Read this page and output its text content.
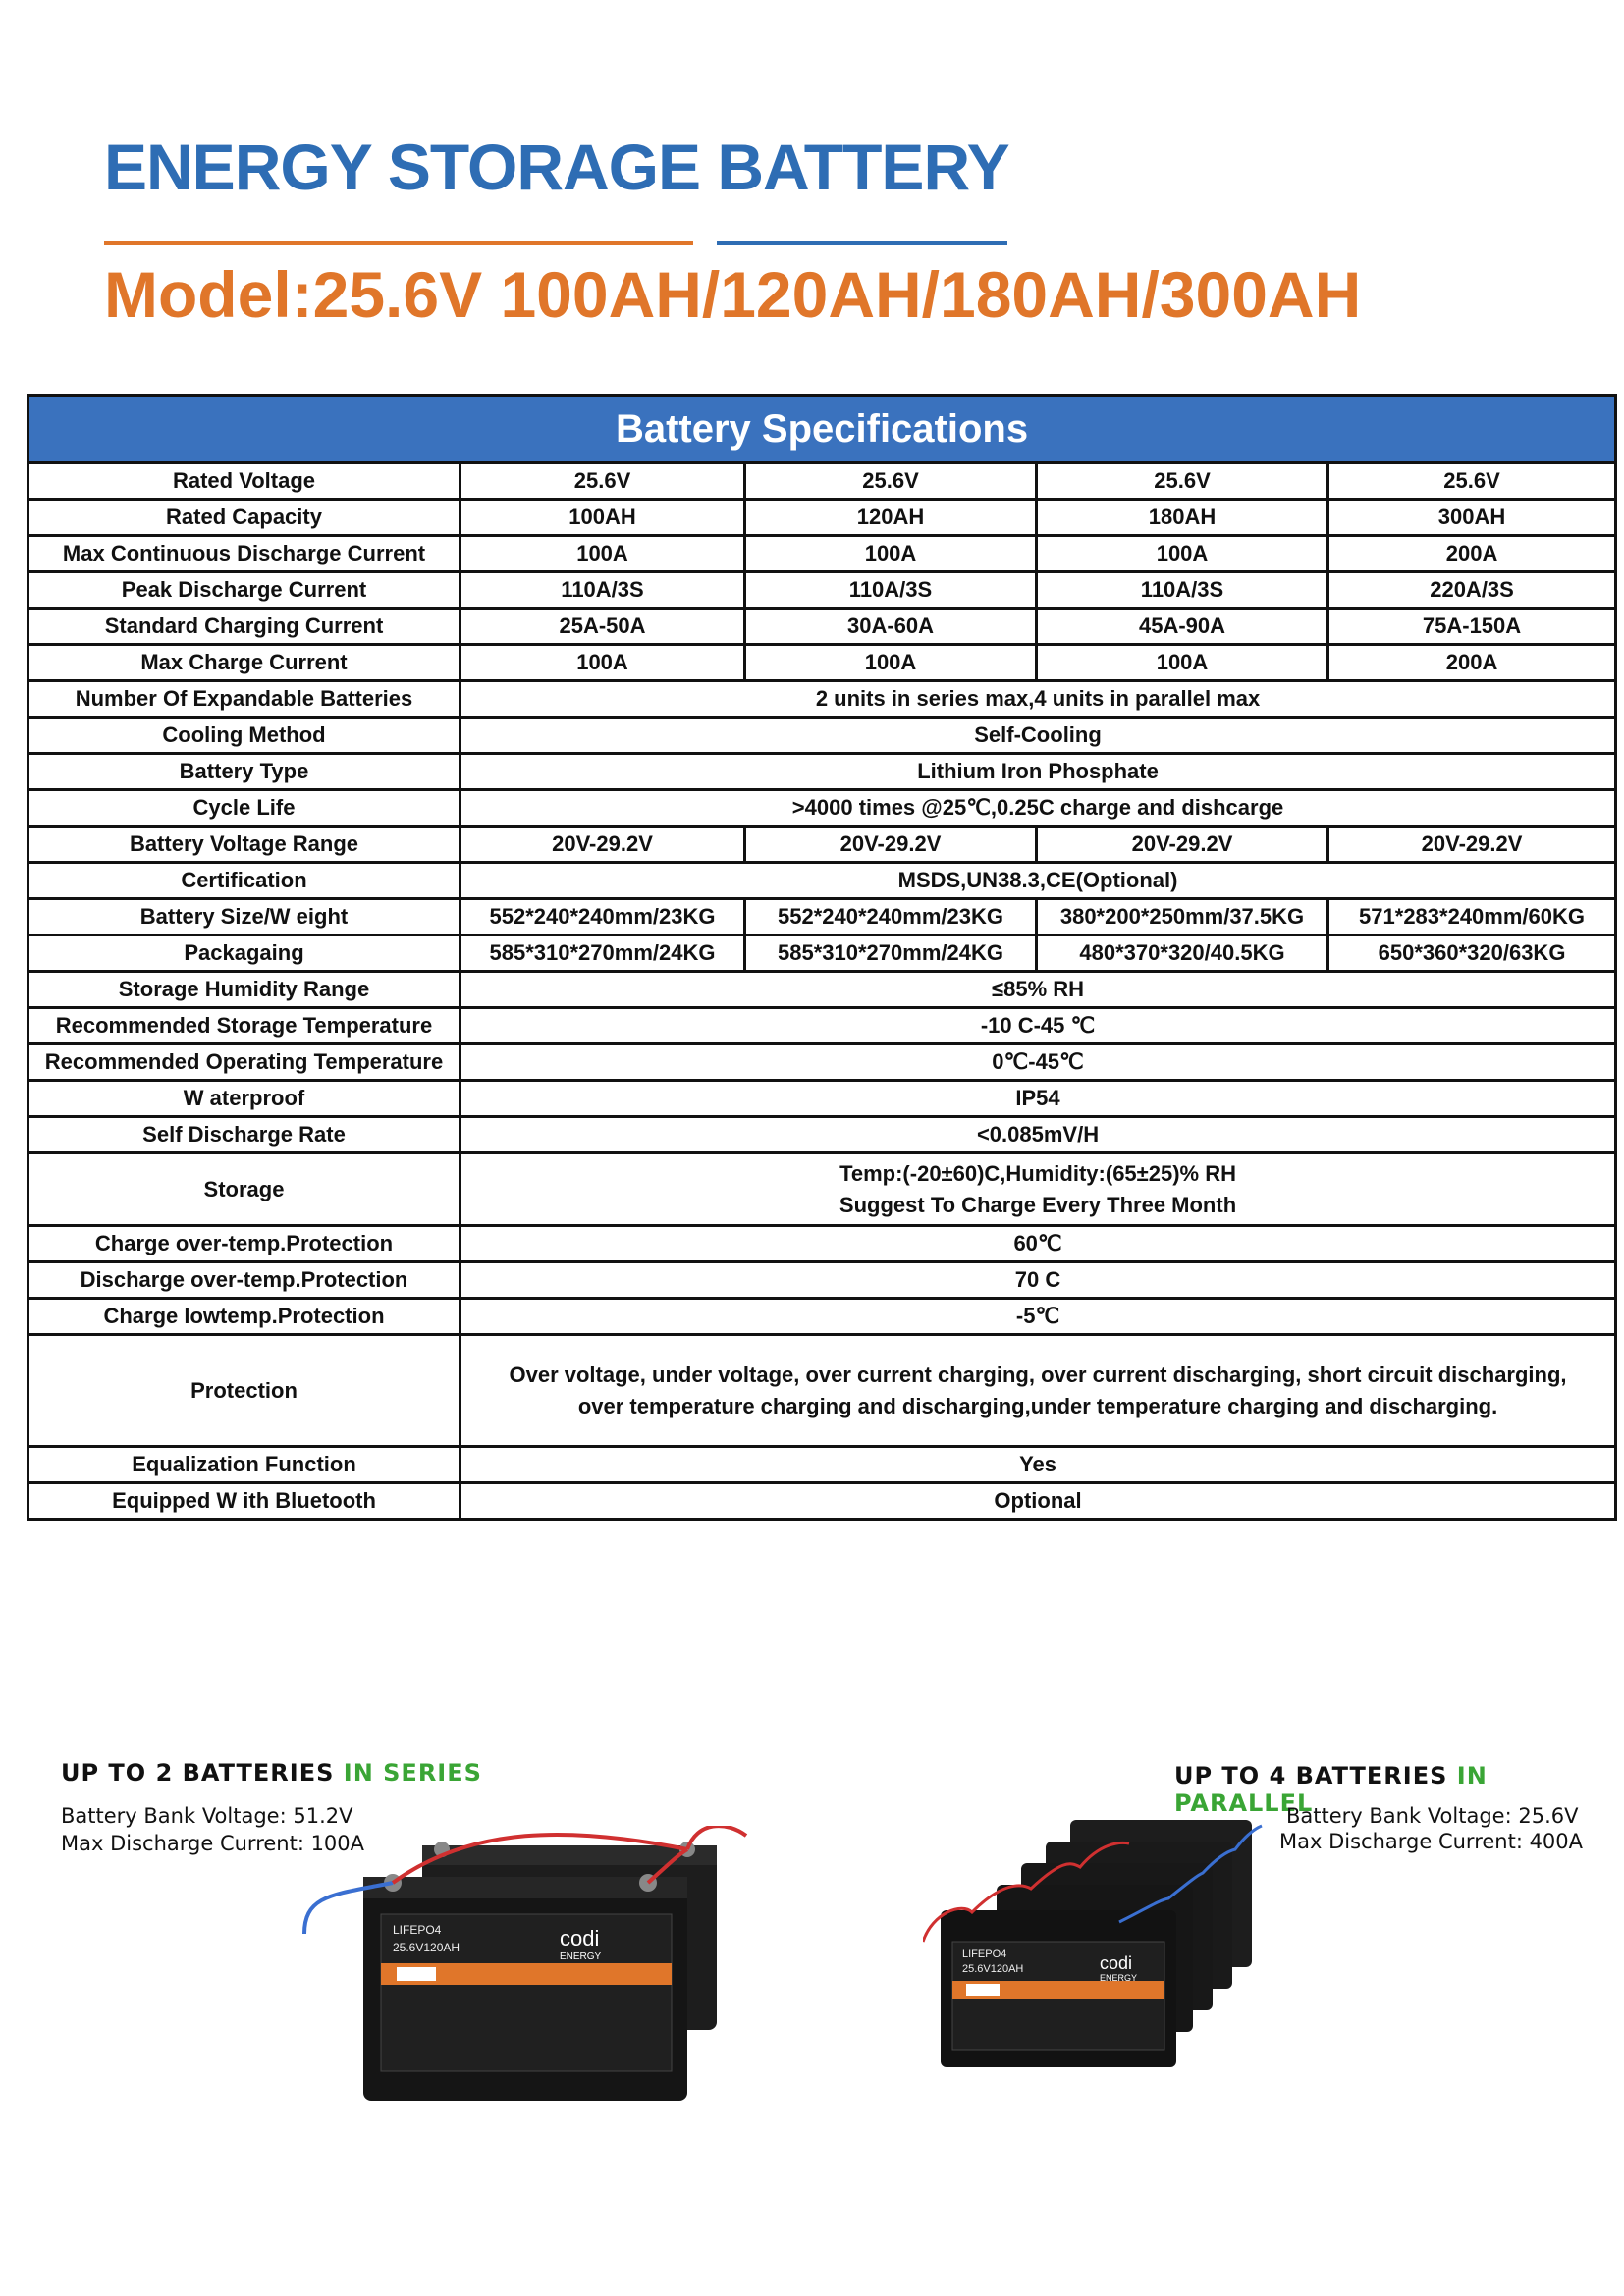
ENERGY STORAGE BATTERY
Model:25.6V 100AH/120AH/180AH/300AH
Battery Specifications				
Rated Voltage	25.6V	25.6V	25.6V	25.6V
Rated Capacity	100AH	120AH	180AH	300AH
Max Continuous Discharge Current	100A	100A	100A	200A
Peak Discharge Current	110A/3S	110A/3S	110A/3S	220A/3S
Standard Charging Current	25A-50A	30A-60A	45A-90A	75A-150A
Max Charge Current	100A	100A	100A	200A
Number Of Expandable Batteries	2 units in series max,4 units in parallel max			

Cooling Method	Self-Cooling			

Battery Type	Lithium Iron Phosphate			

Cycle Life	>4000 times @25℃,0.25C charge and dishcarge			

Battery Voltage Range	20V-29.2V	20V-29.2V	20V-29.2V	20V-29.2V
Certification	MSDS,UN38.3,CE(Optional)			

Battery Size/W eight	552*240*240mm/23KG	552*240*240mm/23KG	380*200*250mm/37.5KG	571*283*240mm/60KG
Packagaing	585*310*270mm/24KG	585*310*270mm/24KG	480*370*320/40.5KG	650*360*320/63KG
Storage Humidity Range	≤85% RH			

Recommended Storage Temperature	-10 C-45 ℃			

Recommended Operating Temperature	0℃-45℃			

W aterproof	IP54			

Self Discharge Rate	<0.085mV/H			

Storage	Temp:(-20±60)C,Humidity:(65±25)% RH
Suggest To Charge Every Three Month			

Charge over-temp.Protection	60℃			

Discharge over-temp.Protection	70 C			

Charge lowtemp.Protection	-5℃			

Protection	Over voltage, under voltage, over current charging, over current discharging, short circuit discharging,
over temperature charging and discharging,under temperature charging and discharging.			

Equalization Function	Yes			

Equipped W ith Bluetooth	Optional			
UP TO 2 BATTERIES IN SERIES
Battery Bank Voltage: 51.2V
Max Discharge Current: 100A
LIFEPO4
25.6V120AH	codi
ENERGY
UP TO 4 BATTERIES IN PARALLEL
Battery Bank Voltage: 25.6V
Max Discharge Current: 400A
LIFEPO4
25.6V120AH	codi
ENERGY
